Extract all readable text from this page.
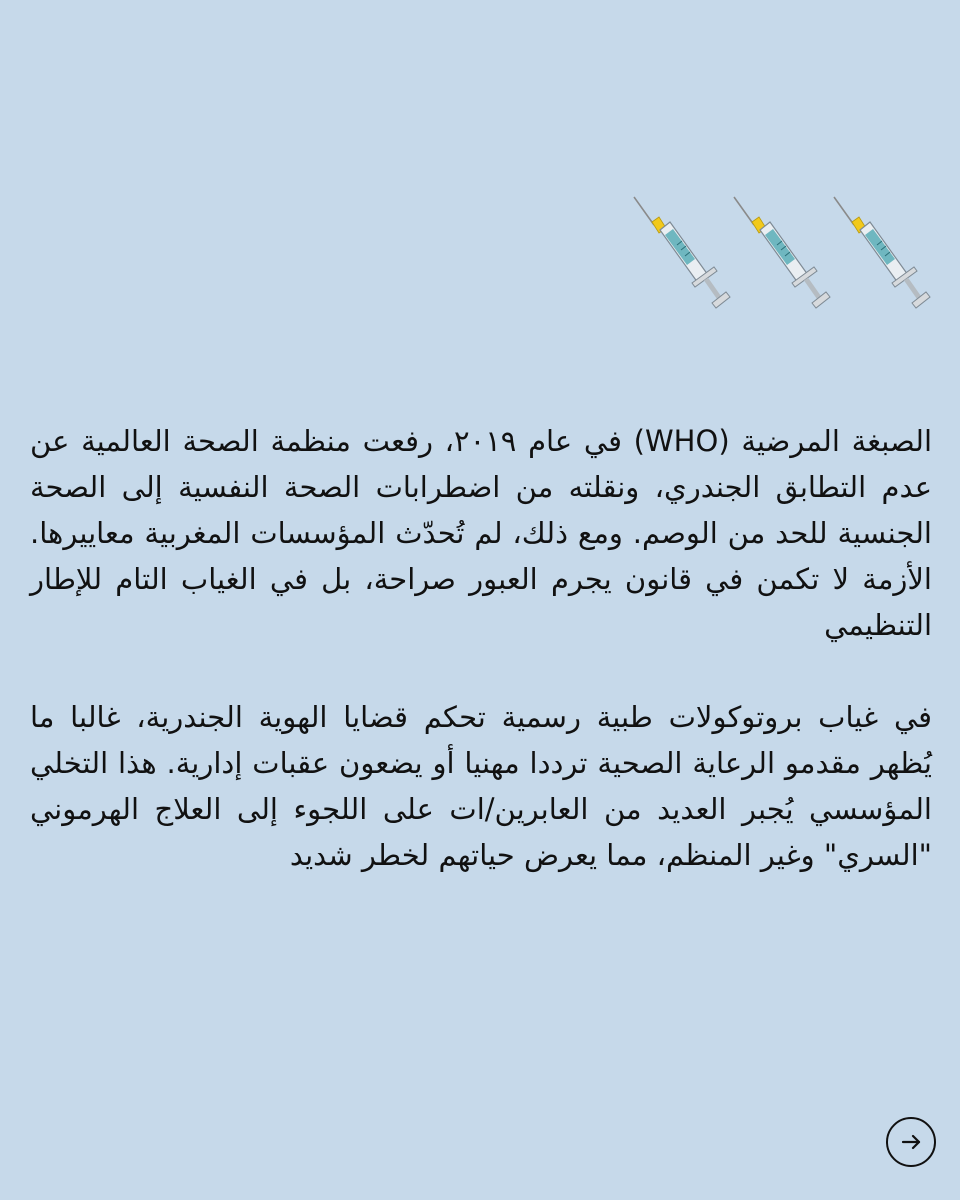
الصبغة المرضية (WHO) في عام ٢٠١٩، رفعت منظمة الصحة العالمية عن عدم التطابق الجندري، ونقلته من اضطرابات الصحة النفسية إلى الصحة الجنسية للحد من الوصم. ومع ذلك، لم تُحدّث المؤسسات المغربية معاييرها. الأزمة لا تكمن في قانون يجرم العبور صراحة، بل في الغياب التام للإطار التنظيمي

في غياب بروتوكولات طبية رسمية تحكم قضايا الهوية الجندرية، غالبا ما يُظهر مقدمو الرعاية الصحية ترددا مهنيا أو يضعون عقبات إدارية. هذا التخلي المؤسسي يُجبر العديد من العابرين/ات على اللجوء إلى العلاج الهرموني "السري" وغير المنظم، مما يعرض حياتهم لخطر شديد
